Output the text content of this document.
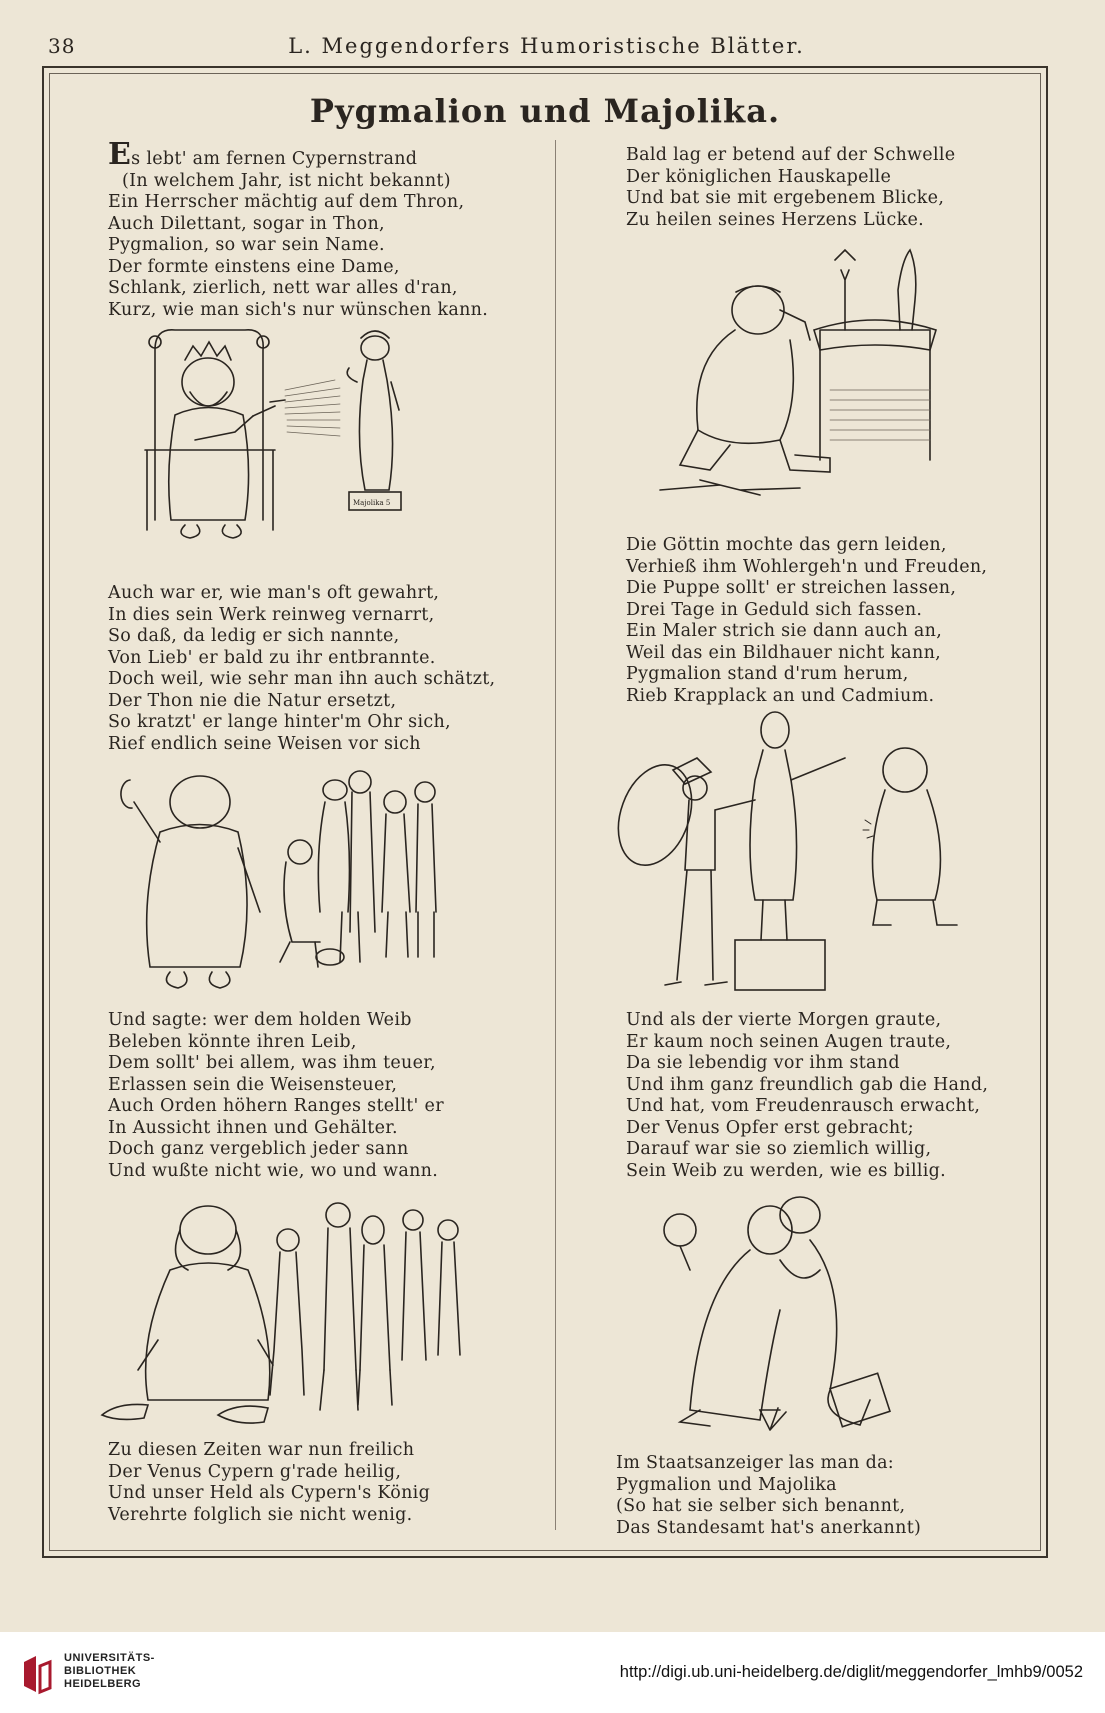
38	L. Meggendorfers Humoristische Blätter.
Pygmalion und Majolika.
Es lebt' am fernen Cypernstrand
(In welchem Jahr, ist nicht bekannt)
Ein Herrscher mächtig auf dem Thron,
Auch Dilettant, sogar in Thon,
Pygmalion, so war sein Name.
Der formte einstens eine Dame,
Schlank, zierlich, nett war alles d'ran,
Kurz, wie man sich's nur wünschen kann.
Majolika 5
Auch war er, wie man's oft gewahrt,
In dies sein Werk reinweg vernarrt,
So daß, da ledig er sich nannte,
Von Lieb' er bald zu ihr entbrannte.
Doch weil, wie sehr man ihn auch schätzt,
Der Thon nie die Natur ersetzt,
So kratzt' er lange hinter'm Ohr sich,
Rief endlich seine Weisen vor sich
Und sagte: wer dem holden Weib
Beleben könnte ihren Leib,
Dem sollt' bei allem, was ihm teuer,
Erlassen sein die Weisensteuer,
Auch Orden höhern Ranges stellt' er
In Aussicht ihnen und Gehälter.
Doch ganz vergeblich jeder sann
Und wußte nicht wie, wo und wann.
Zu diesen Zeiten war nun freilich
Der Venus Cypern g'rade heilig,
Und unser Held als Cypern's König
Verehrte folglich sie nicht wenig.
Bald lag er betend auf der Schwelle
Der königlichen Hauskapelle
Und bat sie mit ergebenem Blicke,
Zu heilen seines Herzens Lücke.
Die Göttin mochte das gern leiden,
Verhieß ihm Wohlergeh'n und Freuden,
Die Puppe sollt' er streichen lassen,
Drei Tage in Geduld sich fassen.
Ein Maler strich sie dann auch an,
Weil das ein Bildhauer nicht kann,
Pygmalion stand d'rum herum,
Rieb Krapplack an und Cadmium.
Und als der vierte Morgen graute,
Er kaum noch seinen Augen traute,
Da sie lebendig vor ihm stand
Und ihm ganz freundlich gab die Hand,
Und hat, vom Freudenrausch erwacht,
Der Venus Opfer erst gebracht;
Darauf war sie so ziemlich willig,
Sein Weib zu werden, wie es billig.
Im Staatsanzeiger las man da:
Pygmalion und Majolika
(So hat sie selber sich benannt,
Das Standesamt hat's anerkannt)
UNIVERSITÄTS-
BIBLIOTHEK
HEIDELBERG
http://digi.ub.uni-heidelberg.de/diglit/meggendorfer_lmhb9/0052
